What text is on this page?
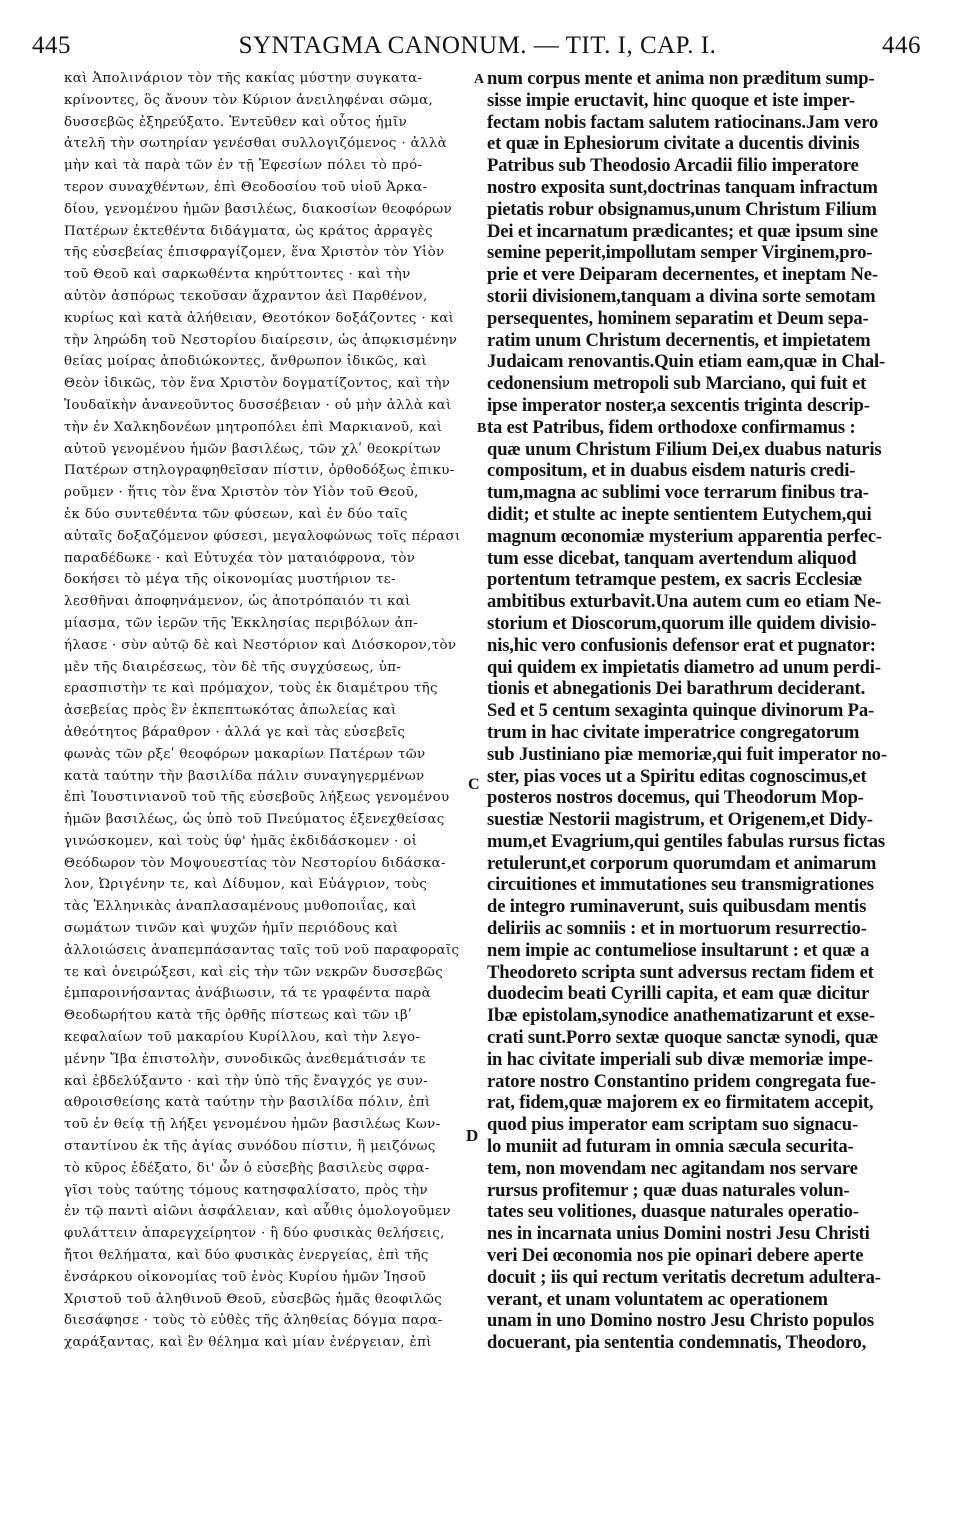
445	SYNTAGMA CANONUM. — TIT. I, CAP. I.	446
καὶ Ἀπολινάριον τὸν τῆς κακίας μύστην συγκατα-
κρίνοντες, ὃς ἄνουν τὸν Κύριον ἀνειληφέναι σῶμα,
δυσσεβῶς ἐξηρεύξατο. Ἐντεῦθεν καὶ οὗτος ἡμῖν
ἀτελῆ τὴν σωτηρίαν γενέσθαι συλλογιζόμενος · ἀλλὰ
μὴν καὶ τὰ παρὰ τῶν ἐν τῇ Ἐφεσίων πόλει τὸ πρό-
τερον συναχθέντων, ἐπὶ Θεοδοσίου τοῦ υἱοῦ Ἀρκα-
δίου, γενομένου ἡμῶν βασιλέως, διακοσίων θεοφόρων
Πατέρων ἐκτεθέντα διδάγματα, ὡς κράτος ἀρραγὲς
τῆς εὐσεβείας ἐπισφραγίζομεν, ἕνα Χριστὸν τὸν Υἱὸν
τοῦ Θεοῦ καὶ σαρκωθέντα κηρύττοντες · καὶ τὴν
αὐτὸν ἀσπόρως τεκοῦσαν ἄχραντον ἀεὶ Παρθένον,
κυρίως καὶ κατὰ ἀλήθειαν, Θεοτόκον δοξάζοντες · καὶ
τὴν ληρώδη τοῦ Νεστορίου διαίρεσιν, ὡς ἀπῳκισμένην
θείας μοίρας ἀποδιώκοντες, ἄνθρωπον ἰδικῶς, καὶ
Θεὸν ἰδικῶς, τὸν ἕνα Χριστὸν δογματίζοντος, καὶ τὴν
Ἰουδαϊκὴν ἀνανεοῦντος δυσσέβειαν · οὐ μὴν ἀλλὰ καὶ
τὴν ἐν Χαλκηδονέων μητροπόλει ἐπὶ Μαρκιανοῦ, καὶ
αὐτοῦ γενομένου ἡμῶν βασιλέως, τῶν χλʹ θεοκρίτων
Πατέρων στηλογραφηθεῖσαν πίστιν, ὀρθοδόξως ἐπικυ-
ροῦμεν · ἥτις τὸν ἕνα Χριστὸν τὸν Υἱὸν τοῦ Θεοῦ,
ἐκ δύο συντεθέντα τῶν φύσεων, καὶ ἐν δύο ταῖς
αὐταῖς δοξαζόμενον φύσεσι, μεγαλοφώνως τοῖς πέρασι
παραδέδωκε · καὶ Εὐτυχέα τὸν ματαιόφρονα, τὸν
δοκήσει τὸ μέγα τῆς οἰκονομίας μυστήριον τε-
λεσθῆναι ἀποφηνάμενον, ὡς ἀποτρόπαιόν τι καὶ
μίασμα, τῶν ἱερῶν τῆς Ἐκκλησίας περιβόλων ἀπ-
ήλασε · σὺν αὐτῷ δὲ καὶ Νεστόριον καὶ Διόσκορον,τὸν
μὲν τῆς διαιρέσεως, τὸν δὲ τῆς συγχύσεως, ὑπ-
ερασπιστὴν τε καὶ πρόμαχον, τοὺς ἐκ διαμέτρου τῆς
ἀσεβείας πρὸς ἓν ἐκπεπτωκότας ἀπωλείας καὶ
ἀθεότητος βάραθρον · ἀλλά γε καὶ τὰς εὐσεβεῖς
φωνὰς τῶν ρξεʹ θεοφόρων μακαρίων Πατέρων τῶν
κατὰ ταύτην τὴν βασιλίδα πάλιν συναγηγερμένων
ἐπὶ Ἰουστινιανοῦ τοῦ τῆς εὐσεβοῦς λήξεως γενομένου
ἡμῶν βασιλέως, ὡς ὑπὸ τοῦ Πνεύματος ἐξενεχθείσας
γινώσκομεν, καὶ τοὺς ὑφ' ἡμᾶς ἐκδιδάσκομεν · οἱ
Θεόδωρον τὸν Μοψουεστίας τὸν Νεστορίου διδάσκα-
λον, Ὠριγένην τε, καὶ Δίδυμον, καὶ Εὐάγριον, τοὺς
τὰς Ἑλληνικὰς ἀναπλασαμένους μυθοποιΐας, καὶ
σωμάτων τινῶν καὶ ψυχῶν ἡμῖν περιόδους καὶ
ἀλλοιώσεις ἀναπεμπάσαντας ταῖς τοῦ νοῦ παραφοραῖς
τε καὶ ὀνειρώξεσι, καὶ εἰς τὴν τῶν νεκρῶν δυσσεβῶς
ἐμπαροινήσαντας ἀνάβιωσιν, τά τε γραφέντα παρὰ
Θεοδωρήτου κατὰ τῆς ὀρθῆς πίστεως καὶ τῶν ιβʹ
κεφαλαίων τοῦ μακαρίου Κυρίλλου, καὶ τὴν λεγο-
μένην Ἴβα ἐπιστολὴν, συνοδικῶς ἀνεθεμάτισάν τε
καὶ ἐβδελύξαντο · καὶ τὴν ὑπὸ τῆς ἔναγχός γε συν-
αθροισθείσης κατὰ ταύτην τὴν βασιλίδα πόλιν, ἐπὶ
τοῦ ἐν θείᾳ τῇ λήξει γενομένου ἡμῶν βασιλέως Κων-
σταντίνου ἐκ τῆς ἁγίας συνόδου πίστιν, ἣ μειζόνως
τὸ κῦρος ἐδέξατο, δι' ὧν ὁ εὐσεβὴς βασιλεὺς σφρα-
γῖσι τοὺς ταύτης τόμους κατησφαλίσατο, πρὸς τὴν
ἐν τῷ παντὶ αἰῶνι ἀσφάλειαν, καὶ αὖθις ὁμολογοῦμεν
φυλάττειν ἀπαρεγχείρητον · ἢ δύο φυσικὰς θελήσεις,
ἤτοι θελήματα, καὶ δύο φυσικὰς ἐνεργείας, ἐπὶ τῆς
ἐνσάρκου οἰκονομίας τοῦ ἑνὸς Κυρίου ἡμῶν Ἰησοῦ
Χριστοῦ τοῦ ἀληθινοῦ Θεοῦ, εὐσεβῶς ἡμᾶς θεοφιλῶς
διεσάφησε · τοὺς τὸ εὐθὲς τῆς ἀληθείας δόγμα παρα-
χαράξαντας, καὶ ἓν θέλημα καὶ μίαν ἐνέργειαν, ἐπὶ
num corpus mente et anima non præditum sump-
sisse impie eructavit, hinc quoque et iste imper-
fectam nobis factam salutem ratiocinans.Jam vero
et quæ in Ephesiorum civitate a ducentis divinis
Patribus sub Theodosio Arcadii filio imperatore
nostro exposita sunt,doctrinas tanquam infractum
pietatis robur obsignamus,unum Christum Filium
Dei et incarnatum prædicantes; et quæ ipsum sine
semine peperit,impollutam semper Virginem,pro-
prie et vere Deiparam decernentes, et ineptam Ne-
storii divisionem,tanquam a divina sorte semotam
persequentes, hominem separatim et Deum sepa-
ratim unum Christum decernentis, et impietatem
Judaicam renovantis.Quin etiam eam,quæ in Chal-
cedonensium metropoli sub Marciano, qui fuit et
ipse imperator noster,a sexcentis triginta descrip-
ta est Patribus, fidem orthodoxe confirmamus :
quæ unum Christum Filium Dei,ex duabus naturis
compositum, et in duabus eisdem naturis credi-
tum,magna ac sublimi voce terrarum finibus tra-
didit; et stulte ac inepte sentientem Eutychem,qui
magnum œconomiæ mysterium apparentia perfec-
tum esse dicebat, tanquam avertendum aliquod
portentum tetramque pestem, ex sacris Ecclesiæ
ambitibus exturbavit.Una autem cum eo etiam Ne-
storium et Dioscorum,quorum ille quidem divisio-
nis,hic vero confusionis defensor erat et pugnator:
qui quidem ex impietatis diametro ad unum perdi-
tionis et abnegationis Dei barathrum deciderant.
Sed et 5 centum sexaginta quinque divinorum Pa-
trum in hac civitate imperatrice congregatorum
sub Justiniano piæ memoriæ,qui fuit imperator no-
ster, pias voces ut a Spiritu editas cognoscimus,et
posteros nostros docemus, qui Theodorum Mop-
suestiæ Nestorii magistrum, et Origenem,et Didy-
mum,et Evagrium,qui gentiles fabulas rursus fictas
retulerunt,et corporum quorumdam et animarum
circuitiones et immutationes seu transmigrationes
de integro ruminaverunt, suis quibusdam mentis
deliriis ac somniis : et in mortuorum resurrectio-
nem impie ac contumeliose insultarunt : et quæ a
Theodoreto scripta sunt adversus rectam fidem et
duodecim beati Cyrilli capita, et eam quæ dicitur
Ibæ epistolam,synodice anathematizarunt et exse-
crati sunt.Porro sextæ quoque sanctæ synodi, quæ
in hac civitate imperiali sub divæ memoriæ impe-
ratore nostro Constantino pridem congregata fue-
rat, fidem,quæ majorem ex eo firmitatem accepit,
quod pius imperator eam scriptam suo signacu-
lo muniit ad futuram in omnia sæcula securita-
tem, non movendam nec agitandam nos servare
rursus profitemur ; quæ duas naturales volun-
tates seu volitiones, duasque naturales operatio-
nes in incarnata unius Domini nostri Jesu Christi
veri Dei œconomia nos pie opinari debere aperte
docuit ; iis qui rectum veritatis decretum adultera-
verant, et unam voluntatem ac operationem
unam in uno Domino nostro Jesu Christo populos
docuerant, pia sententia condemnatis, Theodoro,
A
B
C
D
